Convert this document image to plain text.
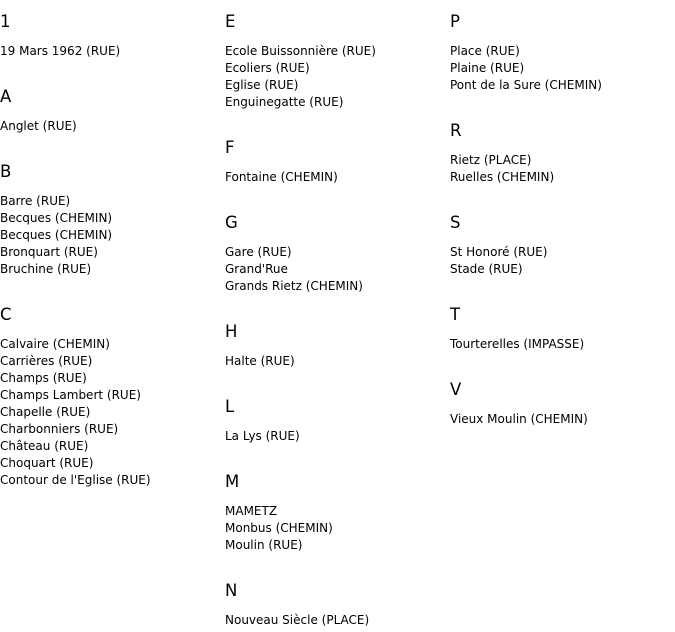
1
19 Mars 1962 (RUE)
A
Anglet (RUE)
B
Barre (RUE)
Becques (CHEMIN)
Becques (CHEMIN)
Bronquart (RUE)
Bruchine (RUE)
C
Calvaire (CHEMIN)
Carrières (RUE)
Champs (RUE)
Champs Lambert (RUE)
Chapelle (RUE)
Charbonniers (RUE)
Château (RUE)
Choquart (RUE)
Contour de l'Eglise (RUE)
E
Ecole Buissonnière (RUE)
Ecoliers (RUE)
Eglise (RUE)
Enguinegatte (RUE)
F
Fontaine (CHEMIN)
G
Gare (RUE)
Grand'Rue
Grands Rietz (CHEMIN)
H
Halte (RUE)
L
La Lys (RUE)
M
MAMETZ
Monbus (CHEMIN)
Moulin (RUE)
N
Nouveau Siècle (PLACE)
P
Place (RUE)
Plaine (RUE)
Pont de la Sure (CHEMIN)
R
Rietz (PLACE)
Ruelles (CHEMIN)
S
St Honoré (RUE)
Stade (RUE)
T
Tourterelles (IMPASSE)
V
Vieux Moulin (CHEMIN)
